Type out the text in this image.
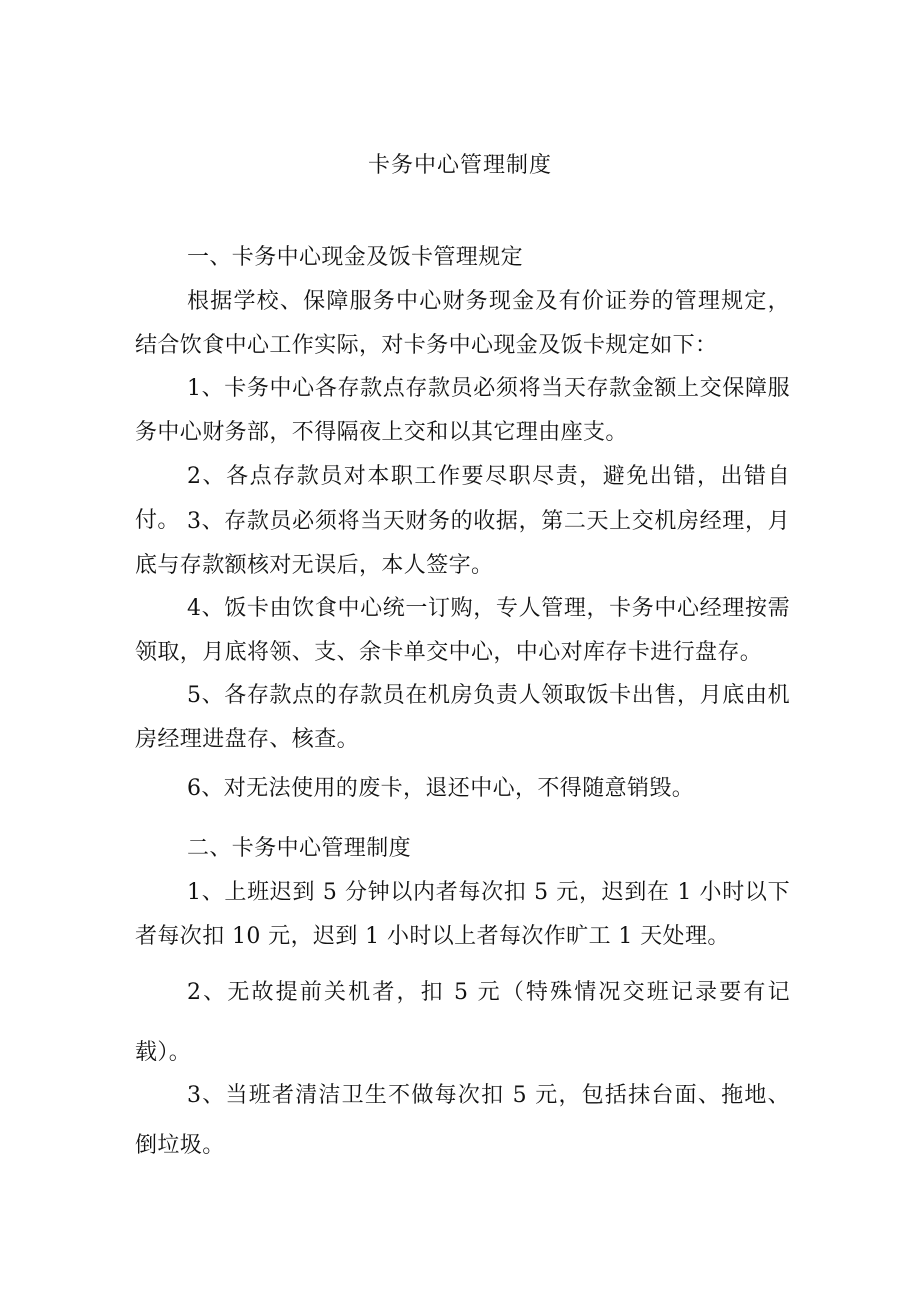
卡务中心管理制度

一、卡务中心现金及饭卡管理规定

根据学校、保障服务中心财务现金及有价证券的管理规定，结合饮食中心工作实际，对卡务中心现金及饭卡规定如下：

1、卡务中心各存款点存款员必须将当天存款金额上交保障服务中心财务部，不得隔夜上交和以其它理由座支。

2、各点存款员对本职工作要尽职尽责，避免出错，出错自付。 3、存款员必须将当天财务的收据，第二天上交机房经理，月底与存款额核对无误后，本人签字。

4、饭卡由饮食中心统一订购，专人管理，卡务中心经理按需领取，月底将领、支、余卡单交中心，中心对库存卡进行盘存。

5、各存款点的存款员在机房负责人领取饭卡出售，月底由机房经理进盘存、核查。

6、对无法使用的废卡，退还中心，不得随意销毁。

二、卡务中心管理制度

1、上班迟到 5 分钟以内者每次扣 5 元，迟到在 1 小时以下者每次扣 10 元，迟到 1 小时以上者每次作旷工 1 天处理。

2、无故提前关机者，扣 5 元（特殊情况交班记录要有记载）。

3、当班者清洁卫生不做每次扣 5 元，包括抹台面、拖地、倒垃圾。
